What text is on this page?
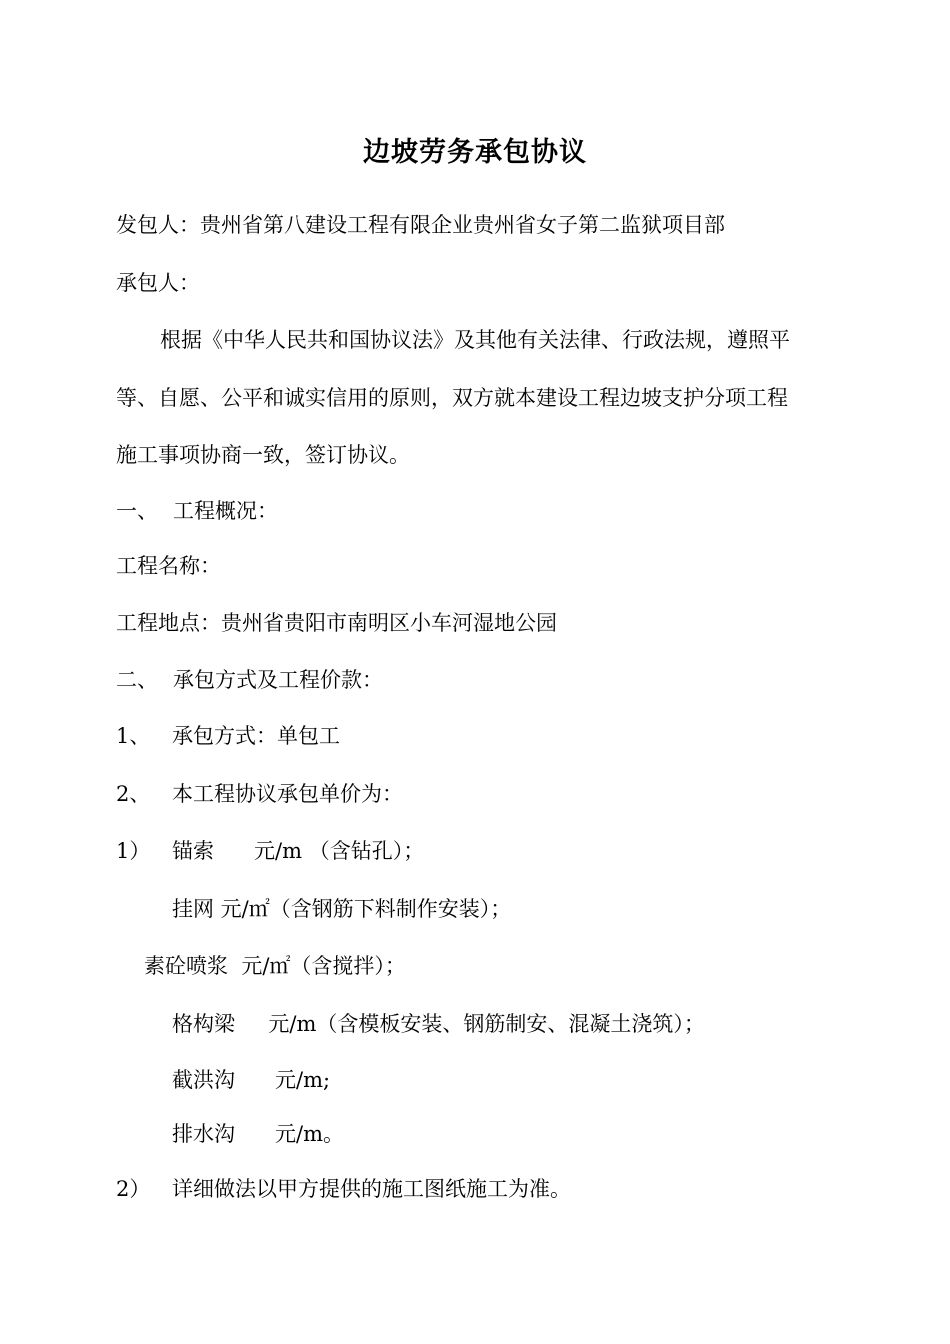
边坡劳务承包协议
发包人：贵州省第八建设工程有限企业贵州省女子第二监狱项目部
承包人：
根据《中华人民共和国协议法》及其他有关法律、行政法规，遵照平
等、自愿、公平和诚实信用的原则，双方就本建设工程边坡支护分项工程
施工事项协商一致，签订协议。
一、 工程概况：
工程名称：
工程地点：贵州省贵阳市南明区小车河湿地公园
二、 承包方式及工程价款：
1、 承包方式：单包工
2、 本工程协议承包单价为：
1） 锚索      元/m （含钻孔）；
挂网 元/㎡（含钢筋下料制作安装）；
素砼喷浆  元/㎡（含搅拌）；
格构梁     元/m（含模板安装、钢筋制安、混凝土浇筑）；
截洪沟      元/m;
排水沟      元/m。
2） 详细做法以甲方提供的施工图纸施工为准。
